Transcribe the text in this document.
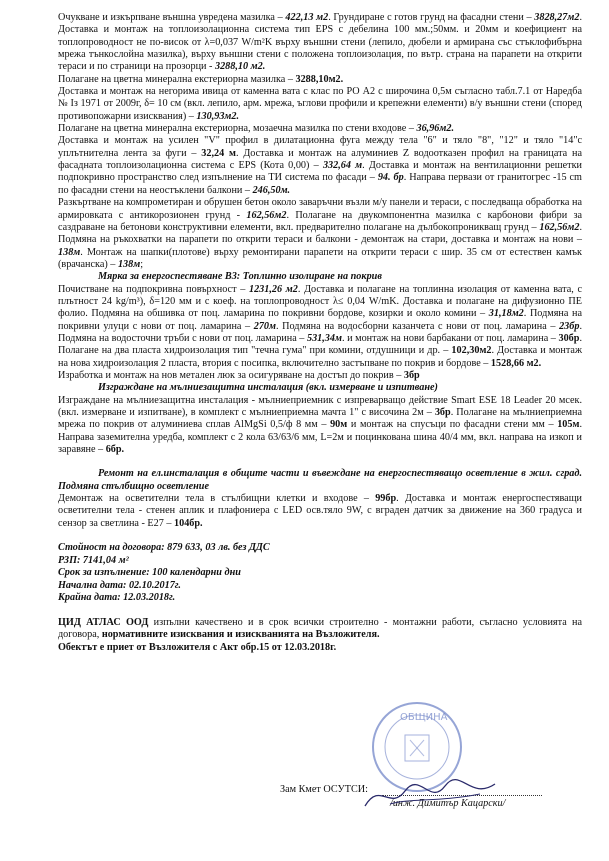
Очукване и изкърпване външна увредена мазилка – 422,13 м2. Грундиране с готов грунд на фасадни стени – 3828,27м2. Доставка и монтаж на топлоизолационна системa тип EPS с дебелина 100 мм.;50мм. и 20мм и коефициент на топлопроводност не по-висок от λ=0,037 W/m²K върху външни стени (лепило, дюбели и армирана със стъклофибърна мрежа тънкослойна мазилка), върху външни стени с положена топлоизолация, по вътр. страна на парапети на открити тераси и по страници на прозорци - 3288,10 м2.

Полагане на цветна минерална екстериорна мазилка – 3288,10м2.

Доставка и монтаж на негорима ивица от каменна вата с клас по РО А2 с широчина 0,5м съгласно табл.7.1 от Наредба № Із 1971 от 2009г, δ= 10 см (вкл. лепило, арм. мрежа, ъглови профили и крепежни елементи) в/у външни стени (според противопожарни изисквания) – 130,93м2.

Полагане на цветна минерална екстериорна, мозаечна мазилка по стени входове – 36,96м2.

Доставка и монтаж на усилен "V" профил в дилатационна фуга между тела "6" и тяло "8", "12" и тяло "14"с уплътнителна лента за фуги – 32,24 м. Доставка и монтаж на алуминиев Z водоотказен профил на границата на фасадната топлоизолационна система с EPS (Кота 0,00) – 332,64 м. Доставка и монтаж на вентилационни решетки подпокривно пространство след изпълнение на ТИ система по фасади – 94. бр. Направа первази от гранитогрес -15 cm по фасадни стени на неостъклени балкони – 246,50м.

Разкъртване на компрометиран и обрушен бетон около заваръчни възли м/у панели и тераси, с последваща обработка на армировката с антикорозионен грунд - 162,56м2. Полагане на двукомпонентна мазилка с карбонови фибри за саздраване на бетонови конструктивни елементи, вкл. предварително полагане на дълбокопроникващ грунд – 162,56м2. Подмяна на ръкохватки на парапети по открити тераси и балкони - демонтаж на стари, доставка и монтаж на нови – 138м. Монтаж на шапки(плотове) върху ремонтирани парапети на открити тераси с шир. 35 см от естествен камък (врачанска) – 138м;

Мярка за енергоспестяване В3: Топлинно изолиране на покрив

Почистване на подпокривна повърхност – 1231,26 м2. Доставка и полагане на топлинна изолация от каменна вата, с плътност 24 kg/m³), δ=120 мм и с коеф. на топлопроводност λ≤ 0,04 W/mK. Доставка и полагане на дифузионно ПЕ фолио. Подмяна на обшивка от поц. ламарина по покривни бордове, козирки и около комини – 31,18м2. Подмяна на покривни улуци с нови от поц. ламарина – 270м. Подмяна на водосборни казанчета с нови от поц. ламарина – 23бр. Подмяна на водосточни тръби с нови от поц. ламарина – 531,34м. и монтаж на нови барбакани от поц. ламарина – 30бр. Полагане на два пласта хидроизолация тип "течна гума" при комини, отдушници и др. – 102,30м2. Доставка и монтаж на нова хидроизолация 2 пласта, втория с посипка, включително застъпване по покрив и бордове – 1528,66 м2.

Изработка и монтаж на нов метален люк за осигуряване на достъп до покрив – 3бр

Изграждане на мълниезащитна инсталация (вкл. измерване и изпитване)

Изграждане на мълниезащитна инсталация - мълниеприемник с изпреварващо действие Smart ESE 18 Leader 20 мсек.(вкл. измерване и изпитване), в комплект с мълниеприемна мачта 1" с височина 2м – 3бр. Полагане на мълниеприемна мрежа по покрив от алуминиева сплав AlMgSi 0,5/ф 8 мм – 90м и монтаж на спусъци по фасадни стени мм – 105м. Направа заземителна уредба, комплект с 2 кола 63/63/6 мм, L=2м и поцинкована шина 40/4 мм, вкл. направа на изкоп и заравяне – 6бр.

Ремонт на ел.инсталация в общите части и въвеждане на енергоспестяващо осветление в жил. сград. Подмяна стълбищно осветление

Демонтаж на осветителни тела в стълбищни клетки и входове – 99бр. Доставка и монтаж енергоспестяващи осветителни тела - стенен аплик и плафониера с LED осв.тяло 9W, с вграден датчик за движение на 360 градуса и сензор за светлина - E27 – 104бр.

Стойност на договора: 879 633, 03 лв. без ДДС

РЗП: 7141,04 м²

Срок за изпълнение: 100 календарни дни

Начална дата: 02.10.2017г.

Крайна дата: 12.03.2018г.

ЦИД АТЛАС ООД изпълни качествено и в срок всички строително - монтажни работи, съгласно условията на договора, нормативните изисквания и изискванията на Възложителя.

Обектът е приет от Възложителя с Акт обр.15 от 12.03.2018г.

ОБЩИНА
Зам Кмет ОСУТСИ:
/инж. Димитър Кацарски/
